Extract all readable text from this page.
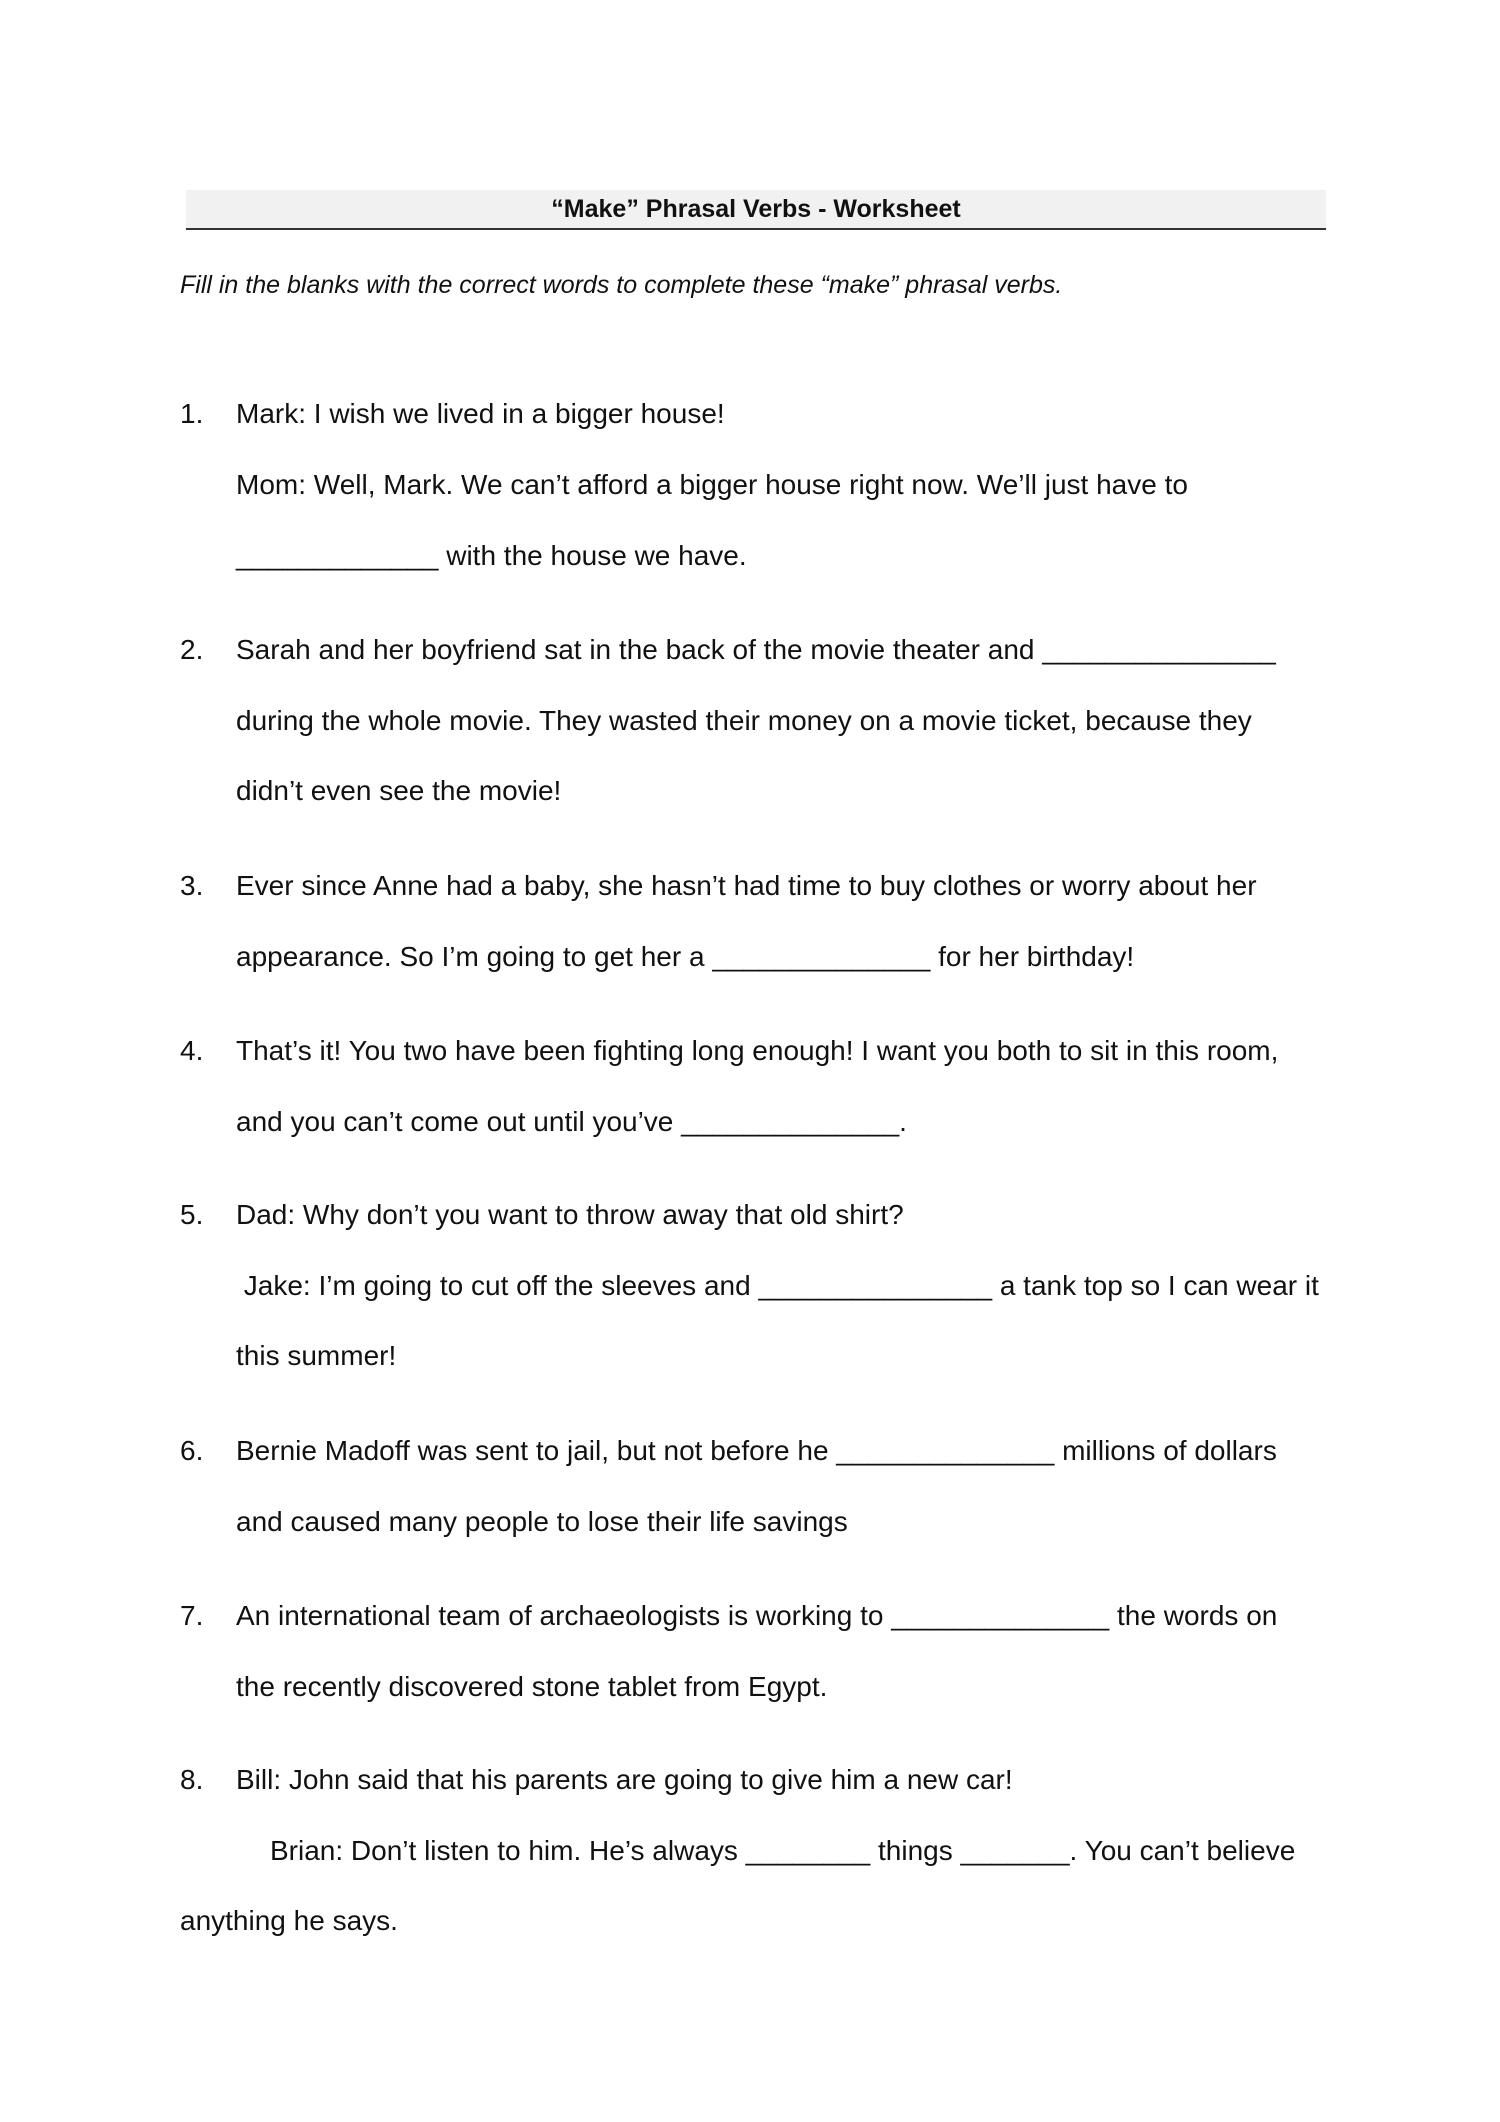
“Make” Phrasal Verbs - Worksheet
Fill in the blanks with the correct words to complete these “make” phrasal verbs.
1. Mark: I wish we lived in a bigger house!
Mom: Well, Mark. We can’t afford a bigger house right now. We’ll just have to
_____________ with the house we have.
2. Sarah and her boyfriend sat in the back of the movie theater and _______________
during the whole movie. They wasted their money on a movie ticket, because they
didn’t even see the movie!
3. Ever since Anne had a baby, she hasn’t had time to buy clothes or worry about her
appearance. So I’m going to get her a ______________ for her birthday!
4. That’s it! You two have been fighting long enough! I want you both to sit in this room,
and you can’t come out until you’ve ______________.
5. Dad: Why don’t you want to throw away that old shirt?
Jake: I’m going to cut off the sleeves and _______________ a tank top so I can wear it
this summer!
6. Bernie Madoff was sent to jail, but not before he ______________ millions of dollars
and caused many people to lose their life savings
7. An international team of archaeologists is working to ______________ the words on
the recently discovered stone tablet from Egypt.
8. Bill: John said that his parents are going to give him a new car!
Brian: Don’t listen to him. He’s always ________ things _______. You can’t believe
anything he says.
